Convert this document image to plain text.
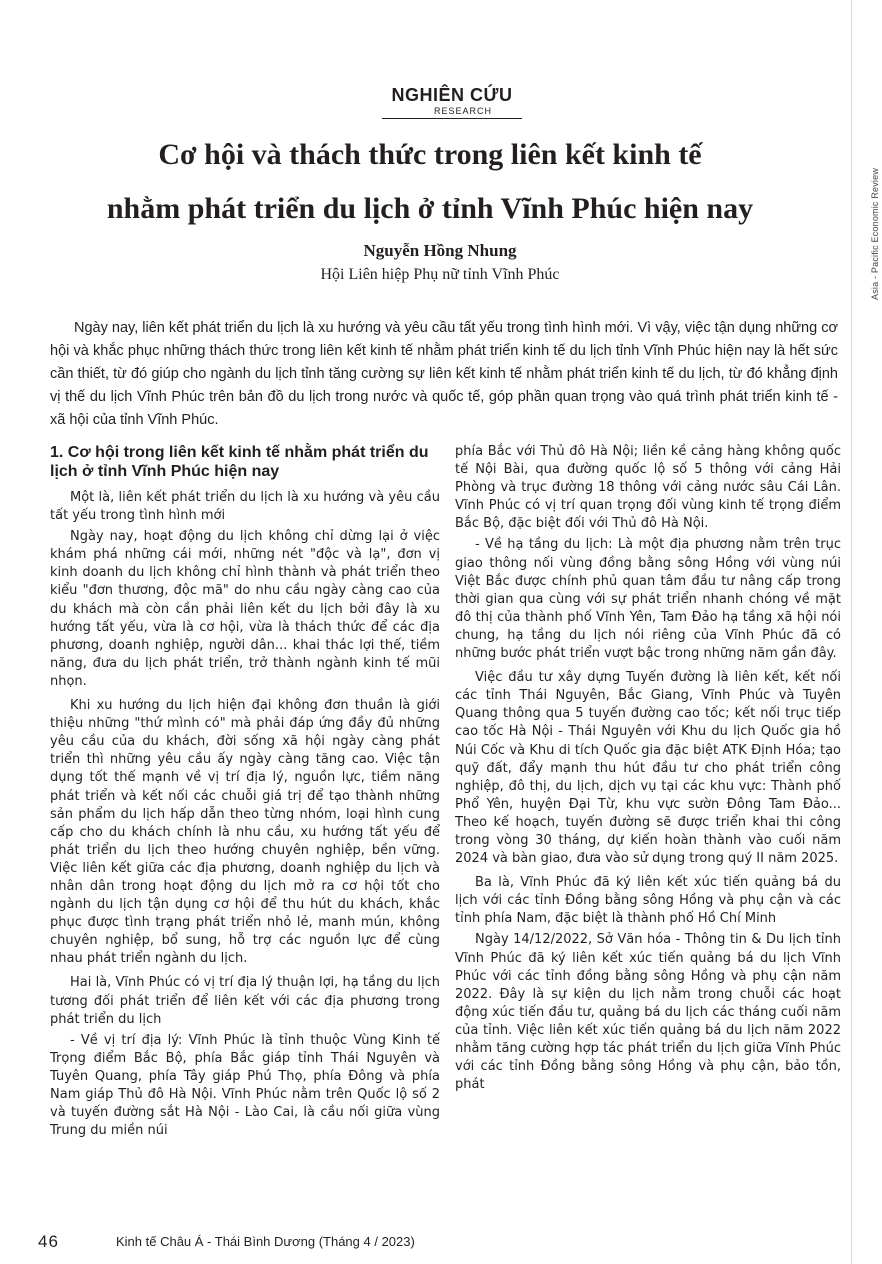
Asia - Pacific Economic Review
NGHIÊN CỨU
RESEARCH
Cơ hội và thách thức trong liên kết kinh tế
nhằm phát triển du lịch ở tỉnh Vĩnh Phúc hiện nay
Nguyễn Hồng Nhung
Hội Liên hiệp Phụ nữ tỉnh Vĩnh Phúc

Ngày nay, liên kết phát triển du lịch là xu hướng và yêu cầu tất yếu trong tình hình mới. Vì vậy, việc tận dụng những cơ hội và khắc phục những thách thức trong liên kết kinh tế nhằm phát triển kinh tế du lịch tỉnh Vĩnh Phúc hiện nay là hết sức cần thiết, từ đó giúp cho ngành du lịch tỉnh tăng cường sự liên kết kinh tế nhằm phát triển kinh tế du lịch, từ đó khẳng định vị thế du lịch Vĩnh Phúc trên bản đồ du lịch trong nước và quốc tế, góp phần quan trọng vào quá trình phát triển kinh tế - xã hội của tỉnh Vĩnh Phúc.

1. Cơ hội trong liên kết kinh tế nhằm phát triển du lịch ở tỉnh Vĩnh Phúc hiện nay

Một là, liên kết phát triển du lịch là xu hướng và yêu cầu tất yếu trong tình hình mới

Ngày nay, hoạt động du lịch không chỉ dừng lại ở việc khám phá những cái mới, những nét "độc và lạ", đơn vị kinh doanh du lịch không chỉ hình thành và phát triển theo kiểu "đơn thương, độc mã" do nhu cầu ngày càng cao của du khách mà còn cần phải liên kết du lịch bởi đây là xu hướng tất yếu, vừa là cơ hội, vừa là thách thức để các địa phương, doanh nghiệp, người dân... khai thác lợi thế, tiềm năng, đưa du lịch phát triển, trở thành ngành kinh tế mũi nhọn.

Khi xu hướng du lịch hiện đại không đơn thuần là giới thiệu những "thứ mình có" mà phải đáp ứng đầy đủ những yêu cầu của du khách, đời sống xã hội ngày càng phát triển thì những yêu cầu ấy ngày càng tăng cao. Việc tận dụng tốt thế mạnh về vị trí địa lý, nguồn lực, tiềm năng phát triển và kết nối các chuỗi giá trị để tạo thành những sản phẩm du lịch hấp dẫn theo từng nhóm, loại hình cung cấp cho du khách chính là nhu cầu, xu hướng tất yếu để phát triển du lịch theo hướng chuyên nghiệp, bền vững. Việc liên kết giữa các địa phương, doanh nghiệp du lịch và nhân dân trong hoạt động du lịch mở ra cơ hội tốt cho ngành du lịch tận dụng cơ hội để thu hút du khách, khắc phục được tình trạng phát triển nhỏ lẻ, manh mún, không chuyên nghiệp, bổ sung, hỗ trợ các nguồn lực để cùng nhau phát triển ngành du lịch.

Hai là, Vĩnh Phúc có vị trí địa lý thuận lợi, hạ tầng du lịch tương đối phát triển để liên kết với các địa phương trong phát triển du lịch

- Về vị trí địa lý: Vĩnh Phúc là tỉnh thuộc Vùng Kinh tế Trọng điểm Bắc Bộ, phía Bắc giáp tỉnh Thái Nguyên và Tuyên Quang, phía Tây giáp Phú Thọ, phía Đông và phía Nam giáp Thủ đô Hà Nội. Vĩnh Phúc nằm trên Quốc lộ số 2 và tuyến đường sắt Hà Nội - Lào Cai, là cầu nối giữa vùng Trung du miền núi

phía Bắc với Thủ đô Hà Nội; liền kề cảng hàng không quốc tế Nội Bài, qua đường quốc lộ số 5 thông với cảng Hải Phòng và trục đường 18 thông với cảng nước sâu Cái Lân. Vĩnh Phúc có vị trí quan trọng đối vùng kinh tế trọng điểm Bắc Bộ, đặc biệt đối với Thủ đô Hà Nội.

- Về hạ tầng du lịch: Là một địa phương nằm trên trục giao thông nối vùng đồng bằng sông Hồng với vùng núi Việt Bắc được chính phủ quan tâm đầu tư nâng cấp trong thời gian qua cùng với sự phát triển nhanh chóng về mặt đô thị của thành phố Vĩnh Yên, Tam Đảo hạ tầng xã hội nói chung, hạ tầng du lịch nói riêng của Vĩnh Phúc đã có những bước phát triển vượt bậc trong những năm gần đây.

Việc đầu tư xây dựng Tuyến đường là liên kết, kết nối các tỉnh Thái Nguyên, Bắc Giang, Vĩnh Phúc và Tuyên Quang thông qua 5 tuyến đường cao tốc; kết nối trục tiếp cao tốc Hà Nội - Thái Nguyên với Khu du lịch Quốc gia hồ Núi Cốc và Khu di tích Quốc gia đặc biệt ATK Định Hóa; tạo quỹ đất, đẩy mạnh thu hút đầu tư cho phát triển công nghiệp, đô thị, du lịch, dịch vụ tại các khu vực: Thành phố Phổ Yên, huyện Đại Từ, khu vực sườn Đông Tam Đảo... Theo kế hoạch, tuyến đường sẽ được triển khai thi công trong vòng 30 tháng, dự kiến hoàn thành vào cuối năm 2024 và bàn giao, đưa vào sử dụng trong quý II năm 2025.

Ba là, Vĩnh Phúc đã ký liên kết xúc tiến quảng bá du lịch với các tỉnh Đồng bằng sông Hồng và phụ cận và các tỉnh phía Nam, đặc biệt là thành phố Hồ Chí Minh

Ngày 14/12/2022, Sở Văn hóa - Thông tin & Du lịch tỉnh Vĩnh Phúc đã ký liên kết xúc tiến quảng bá du lịch Vĩnh Phúc với các tỉnh đồng bằng sông Hồng và phụ cận năm 2022. Đây là sự kiện du lịch nằm trong chuỗi các hoạt động xúc tiến đầu tư, quảng bá du lịch các tháng cuối năm của tỉnh. Việc liên kết xúc tiến quảng bá du lịch năm 2022 nhằm tăng cường hợp tác phát triển du lịch giữa Vĩnh Phúc với các tỉnh Đồng bằng sông Hồng và phụ cận, bảo tồn, phát

46	Kinh tế Châu Á - Thái Bình Dương (Tháng 4 / 2023)
